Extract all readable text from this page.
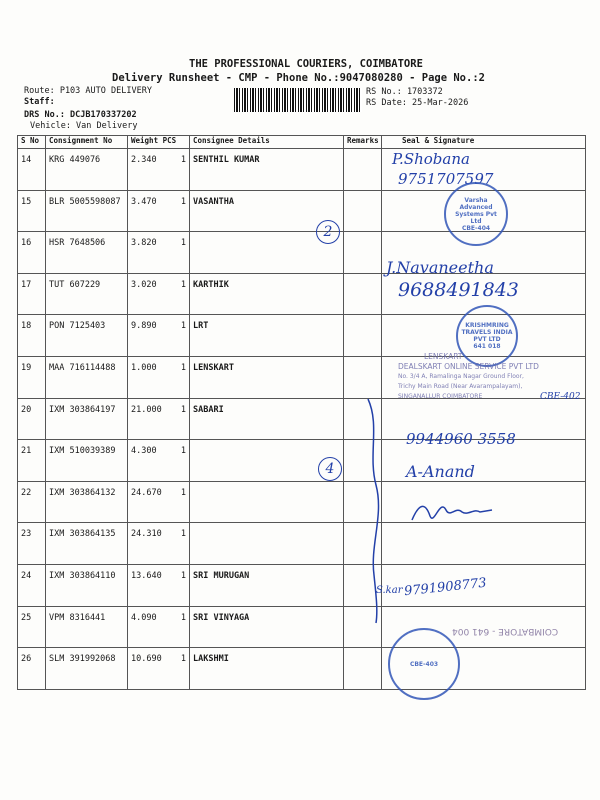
THE PROFESSIONAL COURIERS, COIMBATORE
Delivery Runsheet - CMP - Phone No.:9047080280 - Page No.:2
Route: P103 AUTO DELIVERY
Staff:
DRS No.: DCJB170337202
Vehicle: Van Delivery
RS No.: 1703372
RS Date: 25-Mar-2026
S No	Consignment No	Weight PCS	Consignee Details	Remarks	Seal & Signature
14	KRG 449076	2.340 1	SENTHIL KUMAR		
15	BLR 5005598087	3.470 1	VASANTHA		
16	HSR 7648506	3.820 1			

17	TUT 607229	3.020 1	KARTHIK		
18	PON 7125403	9.890 1	LRT		
19	MAA 716114488	1.000 1	LENSKART		
20	IXM 303864197	21.000 1	SABARI		
21	IXM 510039389	4.300 1			

22	IXM 303864132	24.670 1			

23	IXM 303864135	24.310 1			

24	IXM 303864110	13.640 1	SRI MURUGAN		
25	VPM 8316441	4.090 1	SRI VINYAGA		
26	SLM 391992068	10.690 1	LAKSHMI		
P.Shobana
9751707597
Varsha Advanced Systems Pvt Ltd
CBE-404
2
J.Navaneetha
9688491843
KRISHMRING TRAVELS INDIA PVT LTD
641 018
LENSKART
DEALSKART ONLINE SERVICE PVT LTD
No. 3/4 A, Ramalinga Nagar Ground Floor,
Trichy Main Road (Near Avarampalayam),
SINGANALLUR COIMBATORE	CBE-402
9944960 3558
A-Anand
4
S.kar 9791908773
CBE-403
COIMBATORE - 641 004
